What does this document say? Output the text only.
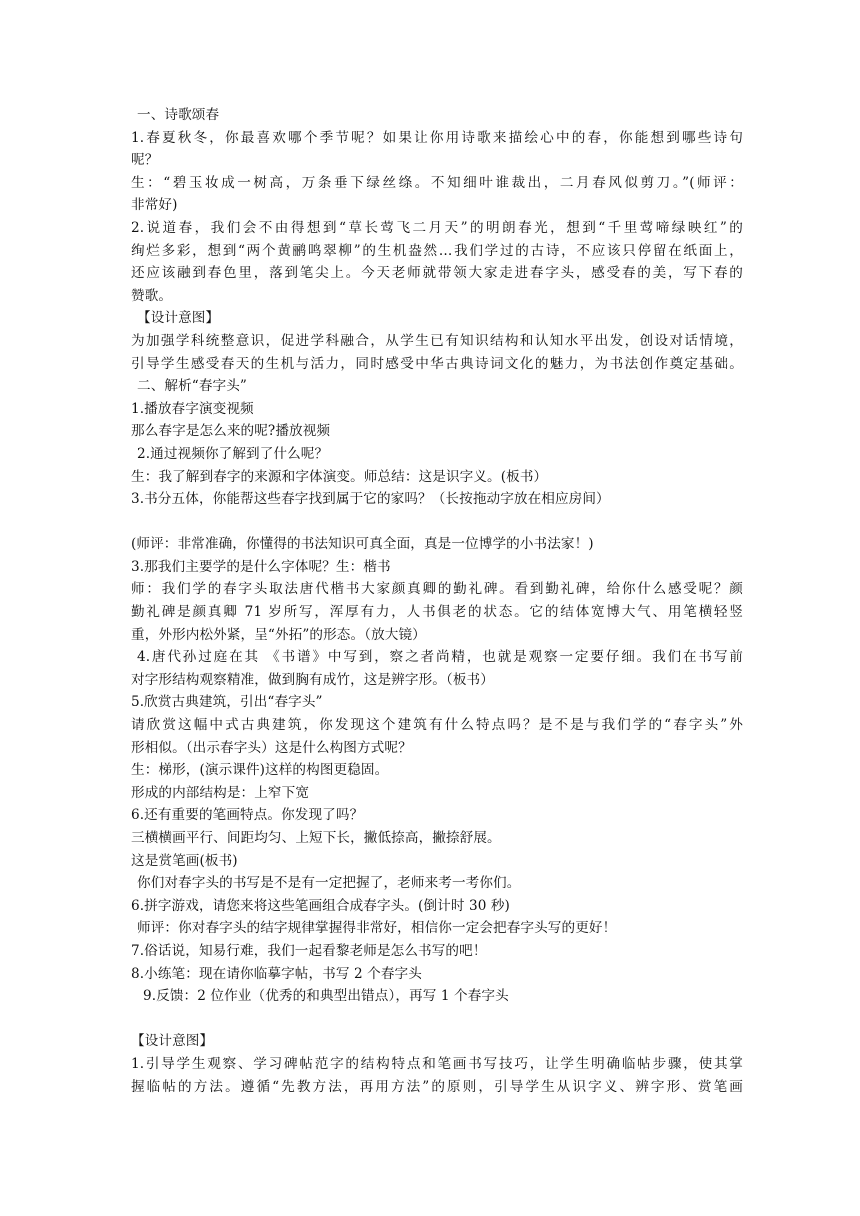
一、诗歌颂春
1.春夏秋冬，你最喜欢哪个季节呢？如果让你用诗歌来描绘心中的春，你能想到哪些诗句
呢？
生：“碧玉妆成一树高，万条垂下绿丝绦。不知细叶谁裁出，二月春风似剪刀。”(师评：
非常好)
2.说道春，我们会不由得想到“草长莺飞二月天”的明朗春光，想到“千里莺啼绿映红”的
绚烂多彩，想到“两个黄鹂鸣翠柳”的生机盎然…我们学过的古诗，不应该只停留在纸面上，
还应该融到春色里，落到笔尖上。今天老师就带领大家走进春字头，感受春的美，写下春的
赞歌。
【设计意图】
为加强学科统整意识，促进学科融合，从学生已有知识结构和认知水平出发，创设对话情境，
引导学生感受春天的生机与活力，同时感受中华古典诗词文化的魅力，为书法创作奠定基础。
二、解析“春字头”
1.播放春字演变视频
那么春字是怎么来的呢?播放视频
2.通过视频你了解到了什么呢？
生：我了解到春字的来源和字体演变。师总结：这是识字义。(板书）
3.书分五体，你能帮这些春字找到属于它的家吗？（长按拖动字放在相应房间）
(师评：非常准确，你懂得的书法知识可真全面，真是一位博学的小书法家！)
3.那我们主要学的是什么字体呢？生：楷书
师：我们学的春字头取法唐代楷书大家颜真卿的勤礼碑。看到勤礼碑，给你什么感受呢？颜
勤礼碑是颜真卿 71 岁所写，浑厚有力，人书俱老的状态。它的结体宽博大气、用笔横轻竖
重，外形内松外紧，呈“外拓”的形态。（放大镜）
4.唐代孙过庭在其 《书谱》中写到，察之者尚精，也就是观察一定要仔细。我们在书写前
对字形结构观察精准，做到胸有成竹，这是辨字形。（板书）
5.欣赏古典建筑，引出“春字头”
请欣赏这幅中式古典建筑，你发现这个建筑有什么特点吗？是不是与我们学的“春字头”外
形相似。（出示春字头）这是什么构图方式呢？
生：梯形，(演示课件)这样的构图更稳固。
形成的内部结构是：上窄下宽
6.还有重要的笔画特点。你发现了吗？
三横横画平行、间距均匀、上短下长，撇低捺高，撇捺舒展。
这是赏笔画(板书)
你们对春字头的书写是不是有一定把握了，老师来考一考你们。
6.拼字游戏，请您来将这些笔画组合成春字头。(倒计时 30 秒)
师评：你对春字头的结字规律掌握得非常好，相信你一定会把春字头写的更好！
7.俗话说，知易行难，我们一起看黎老师是怎么书写的吧！
8.小练笔：现在请你临摹字帖，书写 2 个春字头
9.反馈：2 位作业（优秀的和典型出错点），再写 1 个春字头
【设计意图】
1.引导学生观察、学习碑帖范字的结构特点和笔画书写技巧，让学生明确临帖步骤，使其掌
握临帖的方法。遵循“先教方法，再用方法”的原则，引导学生从识字义、辨字形、赏笔画
